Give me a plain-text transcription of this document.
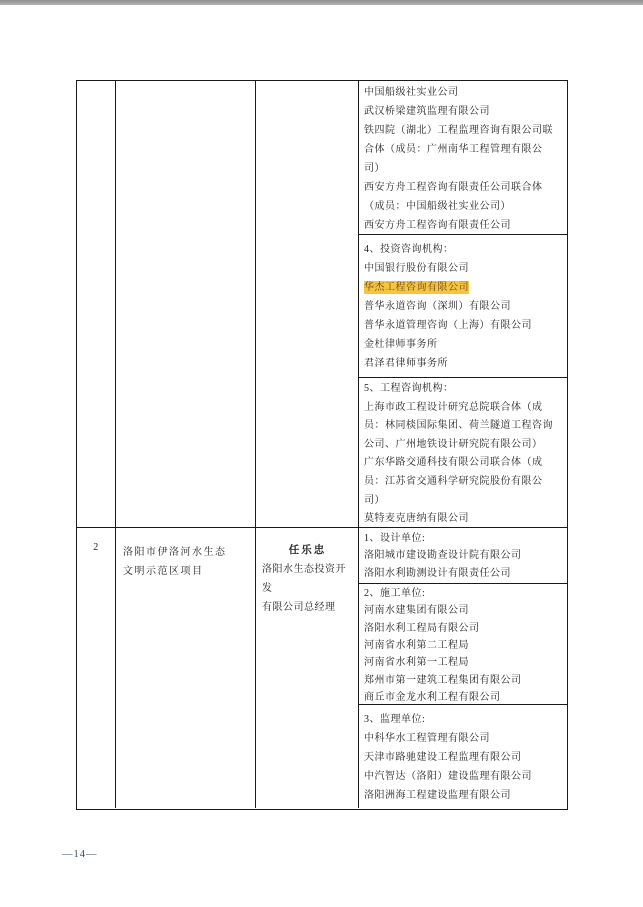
中国船级社实业公司
武汉桥梁建筑监理有限公司
铁四院（湖北）工程监理咨询有限公司联
合体（成员：广州南华工程管理有限公
司）
西安方舟工程咨询有限责任公司联合体
（成员：中国船级社实业公司）
西安方舟工程咨询有限责任公司
4、投资咨询机构：
中国银行股份有限公司
华杰工程咨询有限公司
普华永道咨询（深圳）有限公司
普华永道管理咨询（上海）有限公司
金杜律师事务所
君泽君律师事务所
5、工程咨询机构：
上海市政工程设计研究总院联合体（成
员：林同棪国际集团、荷兰隧道工程咨询
公司、广州地铁设计研究院有限公司）
广东华路交通科技有限公司联合体（成
员：江苏省交通科学研究院股份有限公
司）
莫特麦克唐纳有限公司
2	洛阳市伊洛河水生态
文明示范区项目
任乐忠
洛阳水生态投资开发
有限公司总经理
1、设计单位:
洛阳城市建设勘查设计院有限公司
洛阳水利勘测设计有限责任公司
2、施工单位:
河南水建集团有限公司
洛阳水利工程局有限公司
河南省水利第二工程局
河南省水利第一工程局
郑州市第一建筑工程集团有限公司
商丘市金龙水利工程有限公司
3、监理单位:
中科华水工程管理有限公司
天津市路驰建设工程监理有限公司
中汽智达（洛阳）建设监理有限公司
洛阳洲海工程建设监理有限公司
—14—
